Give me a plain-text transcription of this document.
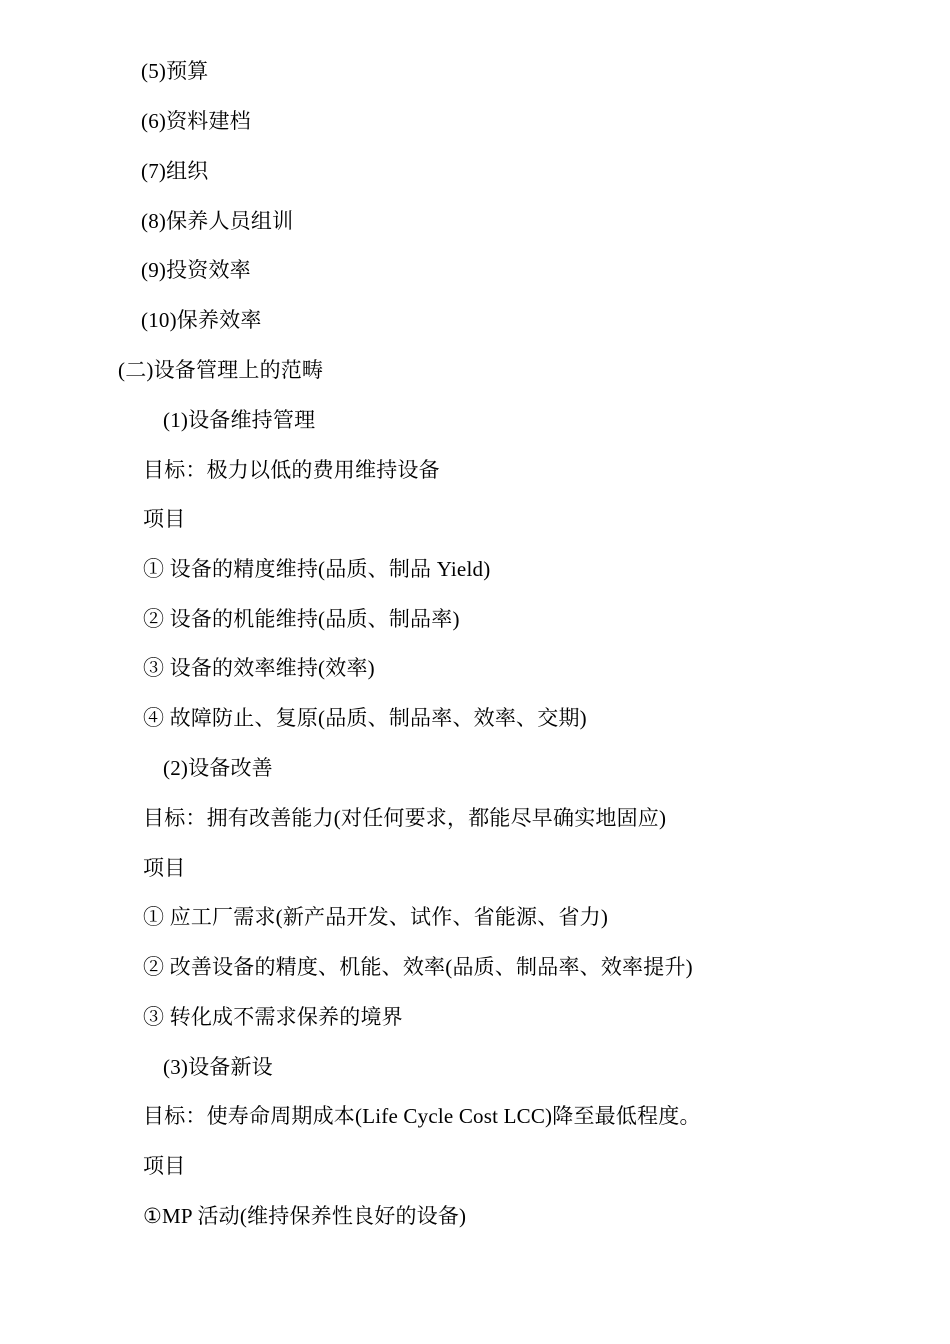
(5)预算
(6)资料建档
(7)组织
(8)保养人员组训
(9)投资效率
(10)保养效率
(二)设备管理上的范畴
(1)设备维持管理
目标：极力以低的费用维持设备
项目
① 设备的精度维持(品质、制品 Yield)
② 设备的机能维持(品质、制品率)
③ 设备的效率维持(效率)
④ 故障防止、复原(品质、制品率、效率、交期)
(2)设备改善
目标：拥有改善能力(对任何要求，都能尽早确实地固应)
项目
① 应工厂需求(新产品开发、试作、省能源、省力)
② 改善设备的精度、机能、效率(品质、制品率、效率提升)
③ 转化成不需求保养的境界
(3)设备新设
目标：使寿命周期成本(Life Cycle Cost LCC)降至最低程度。
项目
①MP 活动(维持保养性良好的设备)
